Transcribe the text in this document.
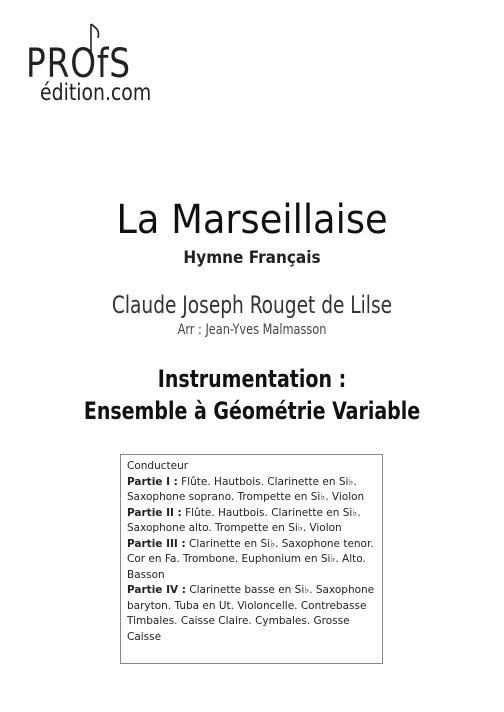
PROfS
édition.com
La Marseillaise
Hymne Français
Claude Joseph Rouget de Lilse
Arr : Jean-Yves Malmasson
Instrumentation :
Ensemble à Géométrie Variable
Conducteur
Partie I : Flûte. Hautbois. Clarinette en Si♭.
Saxophone soprano. Trompette en Si♭. Violon
Partie II : Flûte. Hautbois. Clarinette en Si♭.
Saxophone alto. Trompette en Si♭. Violon
Partie III : Clarinette en Si♭. Saxophone tenor.
Cor en Fa. Trombone. Euphonium en Si♭. Alto.
Basson
Partie IV : Clarinette basse en Si♭. Saxophone
baryton. Tuba en Ut. Violoncelle. Contrebasse
Timbales. Caisse Claire. Cymbales. Grosse
Caisse
